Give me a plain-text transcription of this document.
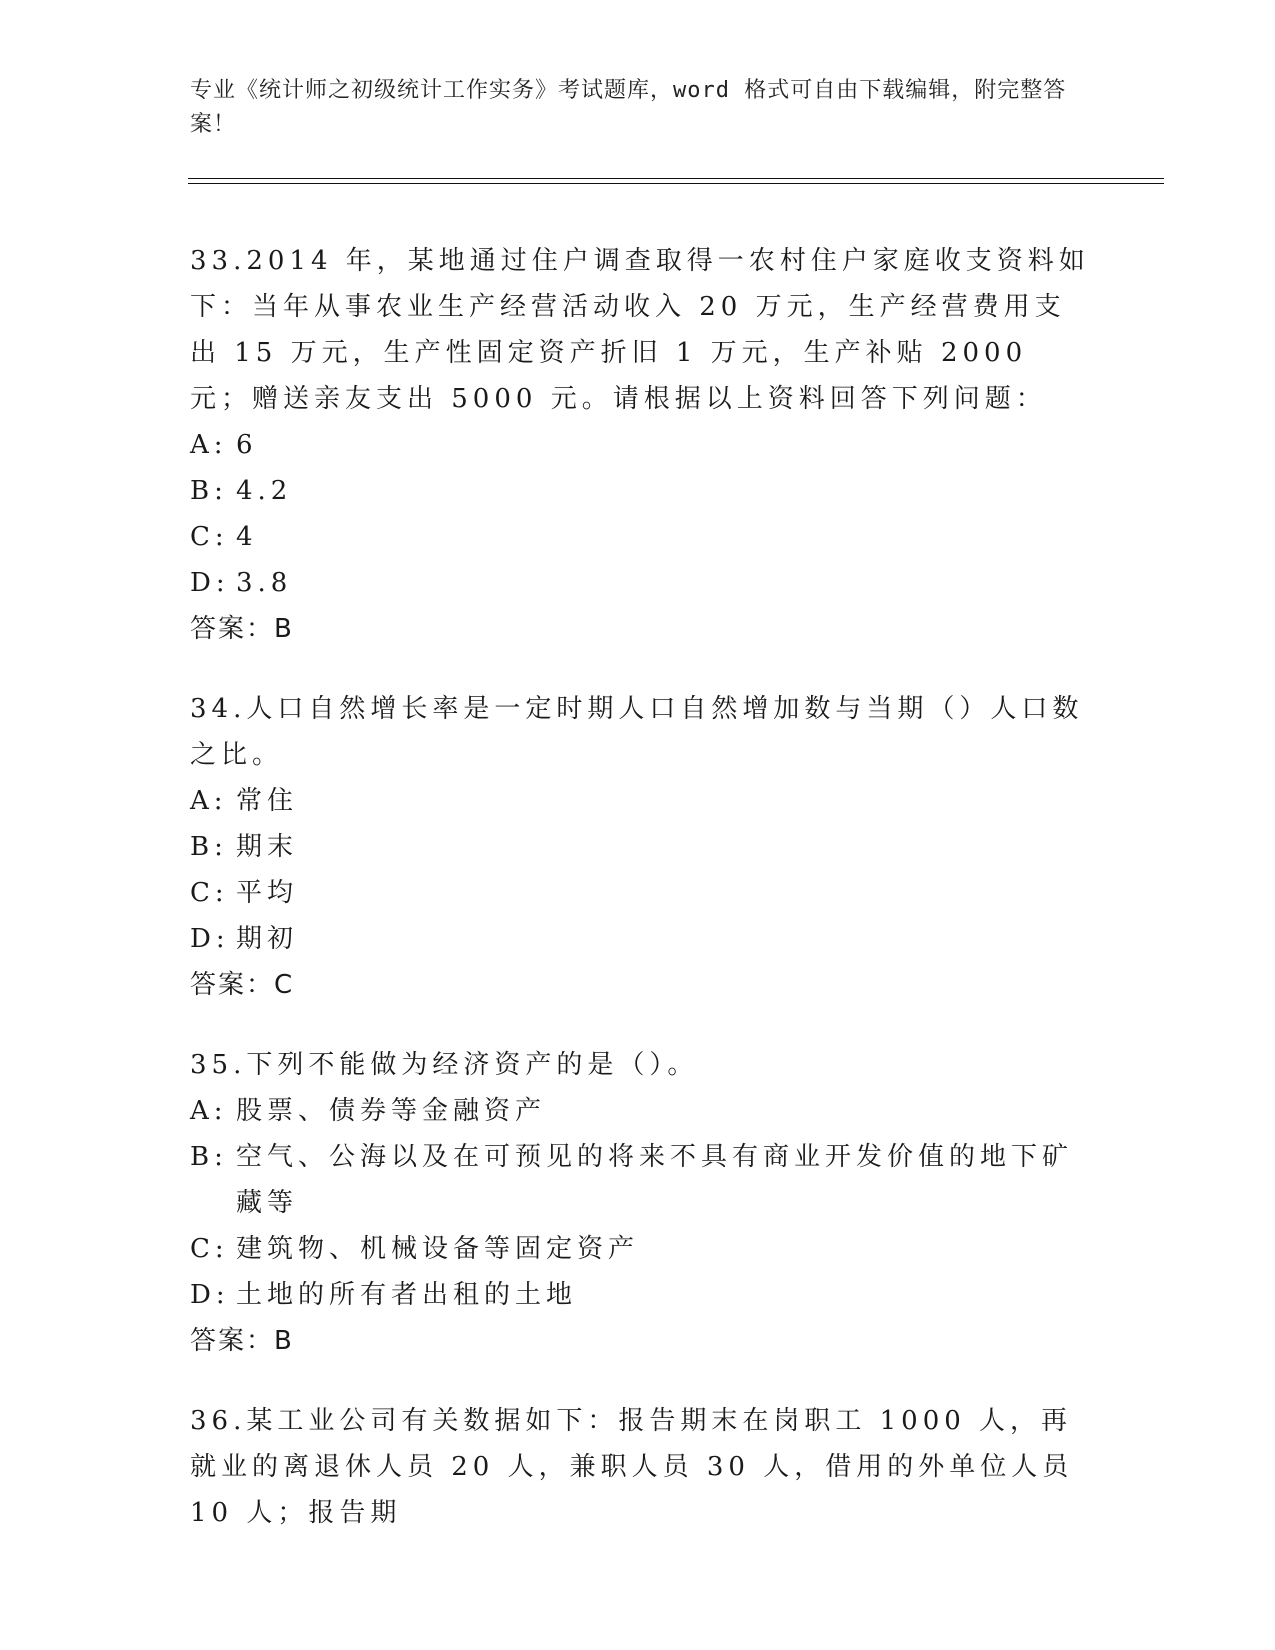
专业《统计师之初级统计工作实务》考试题库，word 格式可自由下载编辑，附完整答案！

33.2014 年，某地通过住户调查取得一农村住户家庭收支资料如下：当年从事农业生产经营活动收入 20 万元，生产经营费用支出 15 万元，生产性固定资产折旧 1 万元，生产补贴 2000 元；赠送亲友支出 5000 元。请根据以上资料回答下列问题：

A: 6

B: 4.2

C: 4

D: 3.8

答案：B

34.人口自然增长率是一定时期人口自然增加数与当期（）人口数之比。

A: 常住

B: 期末

C: 平均

D: 期初

答案：C

35.下列不能做为经济资产的是（）。

A: 股票、债券等金融资产

B: 空气、公海以及在可预见的将来不具有商业开发价值的地下矿藏等

C: 建筑物、机械设备等固定资产

D: 土地的所有者出租的土地

答案：B

36.某工业公司有关数据如下：报告期末在岗职工 1000 人，再就业的离退休人员 20 人，兼职人员 30 人，借用的外单位人员 10 人；报告期
